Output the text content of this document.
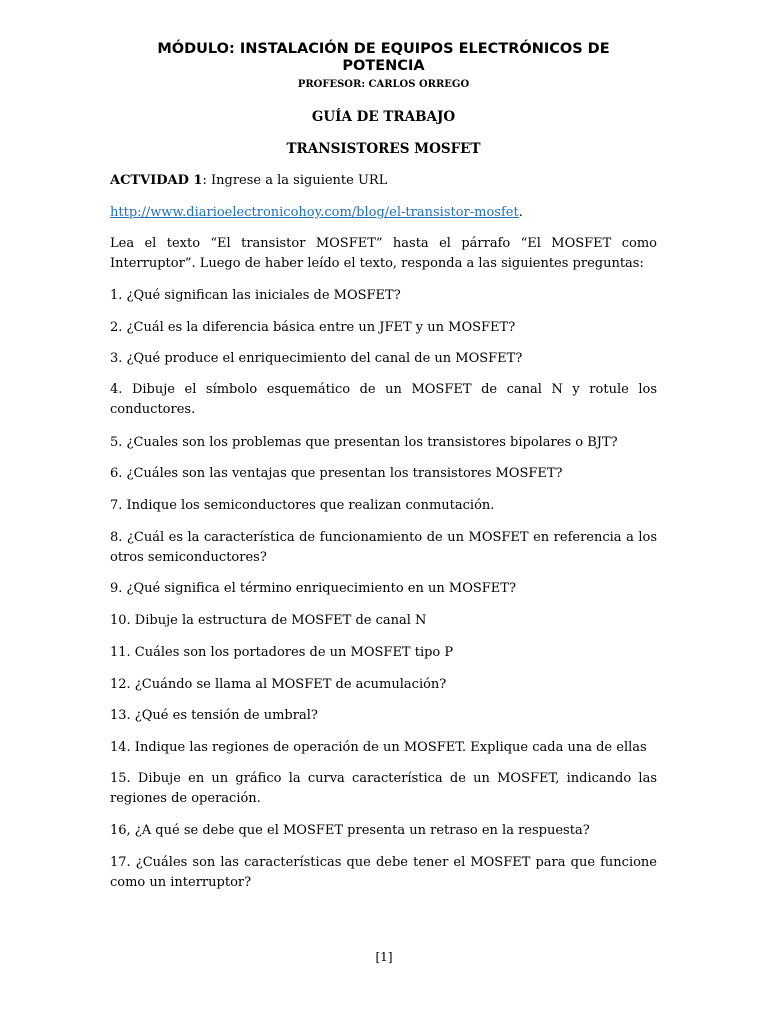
MÓDULO: INSTALACIÓN DE EQUIPOS ELECTRÓNICOS DE
POTENCIA
PROFESOR: CARLOS ORREGO
GUÍA DE TRABAJO
TRANSISTORES MOSFET

ACTVIDAD 1: Ingrese a la siguiente URL

http://www.diarioelectronicohoy.com/blog/el-transistor-mosfet.

Lea el texto “El transistor MOSFET” hasta el párrafo “El MOSFET como Interruptor”. Luego de haber leído el texto, responda a las siguientes preguntas:

1. ¿Qué significan las iniciales de MOSFET?

2. ¿Cuál es la diferencia básica entre un JFET y un MOSFET?

3. ¿Qué produce el enriquecimiento del canal de un MOSFET?

4. Dibuje el símbolo esquemático de un MOSFET de canal N y rotule los conductores.

5. ¿Cuales son los problemas que presentan los transistores bipolares o BJT?

6. ¿Cuáles son las ventajas que presentan los transistores MOSFET?

7. Indique los semiconductores que realizan conmutación.

8. ¿Cuál es la característica de funcionamiento de un MOSFET en referencia a los otros semiconductores?

9. ¿Qué significa el término enriquecimiento en un MOSFET?

10. Dibuje la estructura de MOSFET de canal N

11. Cuáles son los portadores de un MOSFET tipo P

12. ¿Cuándo se llama al MOSFET de acumulación?

13. ¿Qué es tensión de umbral?

14. Indique las regiones de operación de un MOSFET. Explique cada una de ellas

15. Dibuje en un gráfico la curva característica de un MOSFET, indicando las regiones de operación.

16, ¿A qué se debe que el MOSFET presenta un retraso en la respuesta?

17. ¿Cuáles son las características que debe tener el MOSFET para que funcione como un interruptor?

[1]
